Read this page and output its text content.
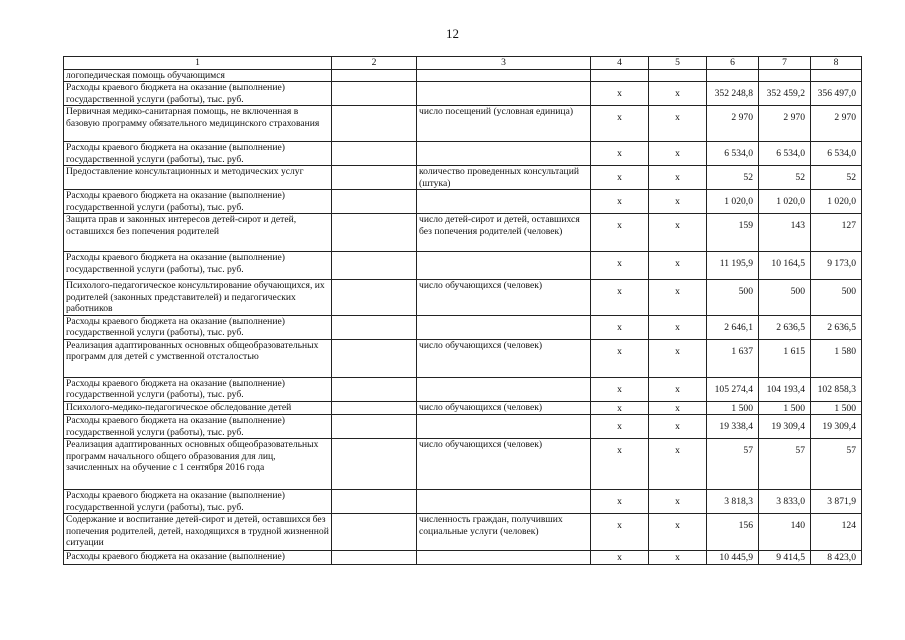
12
1	2	3	4	5	6	7	8
логопедическая помощь обучающимся							
Расходы краевого бюджета на оказание (выполнение) государственной услуги (работы), тыс. руб.			х	х	352 248,8	352 459,2	356 497,0
Первичная медико-санитарная помощь, не включенная в базовую программу обязательного медицинского страхования		число посещений (условная единица)	х	х	2 970	2 970	2 970
Расходы краевого бюджета на оказание (выполнение) государственной услуги (работы), тыс. руб.			х	х	6 534,0	6 534,0	6 534,0
Предоставление консультационных и методических услуг		количество проведенных консультаций (штука)	х	х	52	52	52
Расходы краевого бюджета на оказание (выполнение) государственной услуги (работы), тыс. руб.			х	х	1 020,0	1 020,0	1 020,0
Защита прав и законных интересов детей-сирот и детей, оставшихся без попечения родителей		число детей-сирот и детей, оставшихся без попечения родителей (человек)	х	х	159	143	127
Расходы краевого бюджета на оказание (выполнение) государственной услуги (работы), тыс. руб.			х	х	11 195,9	10 164,5	9 173,0
Психолого-педагогическое консультирование обучающихся, их родителей (законных представителей) и педагогических работников		число обучающихся (человек)	х	х	500	500	500
Расходы краевого бюджета на оказание (выполнение) государственной услуги (работы), тыс. руб.			х	х	2 646,1	2 636,5	2 636,5
Реализация адаптированных основных общеобразовательных программ для детей с умственной отсталостью		число обучающихся (человек)	х	х	1 637	1 615	1 580
Расходы краевого бюджета на оказание (выполнение) государственной услуги (работы), тыс. руб.			х	х	105 274,4	104 193,4	102 858,3
Психолого-медико-педагогическое обследование детей		число обучающихся (человек)	х	х	1 500	1 500	1 500
Расходы краевого бюджета на оказание (выполнение) государственной услуги (работы), тыс. руб.			х	х	19 338,4	19 309,4	19 309,4
Реализация адаптированных основных общеобразовательных программ начального общего образования для лиц, зачисленных на обучение с 1 сентября 2016 года		число обучающихся (человек)	х	х	57	57	57
Расходы краевого бюджета на оказание (выполнение) государственной услуги (работы), тыс. руб.			х	х	3 818,3	3 833,0	3 871,9
Содержание и воспитание детей-сирот и детей, оставшихся без попечения родителей, детей, находящихся в трудной жизненной ситуации		численность граждан, получивших социальные услуги (человек)	х	х	156	140	124
Расходы краевого бюджета на оказание (выполнение)			х	х	10 445,9	9 414,5	8 423,0
